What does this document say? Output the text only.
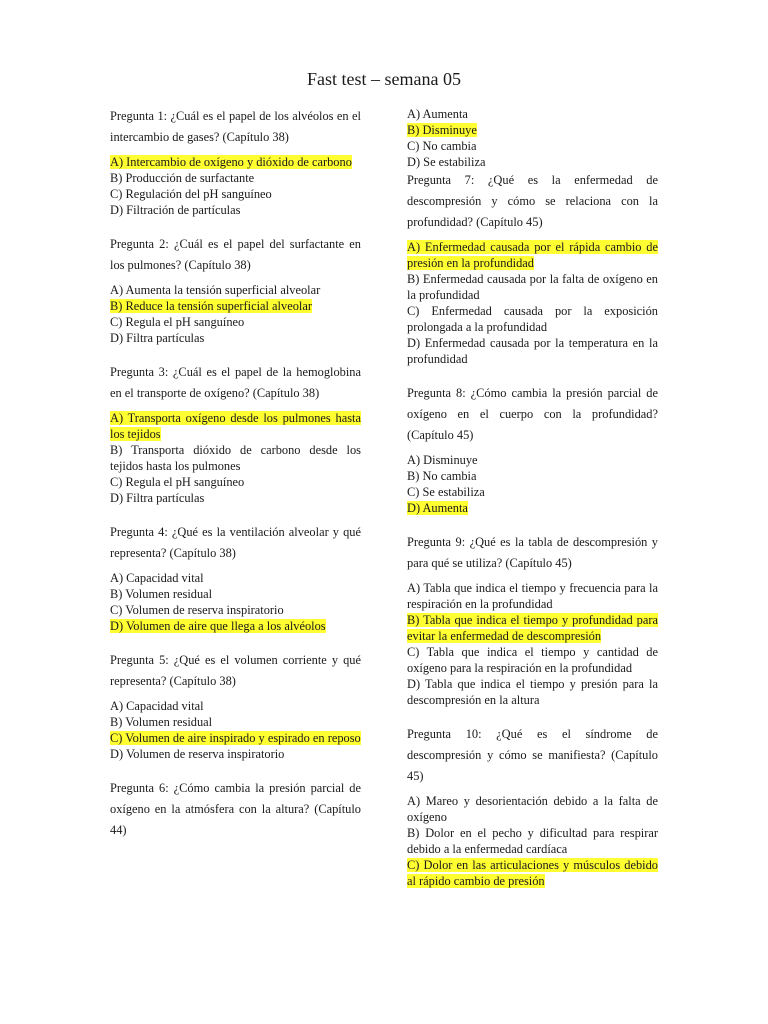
Fast test – semana 05
Pregunta 1: ¿Cuál es el papel de los alvéolos en el intercambio de gases? (Capítulo 38)
A) Intercambio de oxígeno y dióxido de carbono
B) Producción de surfactante
C) Regulación del pH sanguíneo
D) Filtración de partículas
Pregunta 2: ¿Cuál es el papel del surfactante en los pulmones? (Capítulo 38)
A) Aumenta la tensión superficial alveolar
B) Reduce la tensión superficial alveolar
C) Regula el pH sanguíneo
D) Filtra partículas
Pregunta 3: ¿Cuál es el papel de la hemoglobina en el transporte de oxígeno? (Capítulo 38)
A) Transporta oxígeno desde los pulmones hasta los tejidos
B) Transporta dióxido de carbono desde los tejidos hasta los pulmones
C) Regula el pH sanguíneo
D) Filtra partículas
Pregunta 4: ¿Qué es la ventilación alveolar y qué representa? (Capítulo 38)
A) Capacidad vital
B) Volumen residual
C) Volumen de reserva inspiratorio
D) Volumen de aire que llega a los alvéolos
Pregunta 5: ¿Qué es el volumen corriente y qué representa? (Capítulo 38)
A) Capacidad vital
B) Volumen residual
C) Volumen de aire inspirado y espirado en reposo
D) Volumen de reserva inspiratorio
Pregunta 6: ¿Cómo cambia la presión parcial de oxígeno en la atmósfera con la altura? (Capítulo 44)
A) Aumenta
B) Disminuye
C) No cambia
D) Se estabiliza
Pregunta 7: ¿Qué es la enfermedad de descompresión y cómo se relaciona con la profundidad? (Capítulo 45)
A) Enfermedad causada por el rápida cambio de presión en la profundidad
B) Enfermedad causada por la falta de oxígeno en la profundidad
C) Enfermedad causada por la exposición prolongada a la profundidad
D) Enfermedad causada por la temperatura en la profundidad
Pregunta 8: ¿Cómo cambia la presión parcial de oxígeno en el cuerpo con la profundidad? (Capítulo 45)
A) Disminuye
B) No cambia
C) Se estabiliza
D) Aumenta
Pregunta 9: ¿Qué es la tabla de descompresión y para qué se utiliza? (Capítulo 45)
A) Tabla que indica el tiempo y frecuencia para la respiración en la profundidad
B) Tabla que indica el tiempo y profundidad para evitar la enfermedad de descompresión
C) Tabla que indica el tiempo y cantidad de oxígeno para la respiración en la profundidad
D) Tabla que indica el tiempo y presión para la descompresión en la altura
Pregunta 10: ¿Qué es el síndrome de descompresión y cómo se manifiesta? (Capítulo 45)
A) Mareo y desorientación debido a la falta de oxígeno
B) Dolor en el pecho y dificultad para respirar debido a la enfermedad cardíaca
C) Dolor en las articulaciones y músculos debido al rápido cambio de presión
